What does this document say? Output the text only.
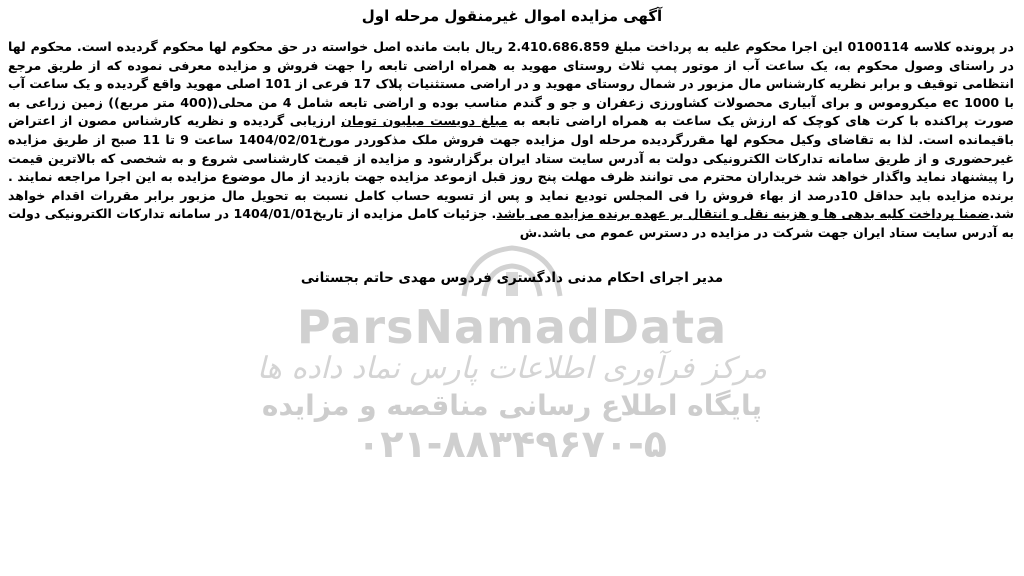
ParsNamadData
مرکز فرآوری اطلاعات پارس نماد داده ها
پایگاه اطلاع رسانی مناقصه و مزایده
۰۲۱-۸۸۳۴۹۶۷۰-۵
آگهی مزایده اموال غیرمنقول مرحله اول
در پرونده کلاسه 0100114 این اجرا محکوم علیه به پرداخت مبلغ 2.410.686.859 ریال بابت مانده اصل خواسته در حق محکوم لها محکوم گردیده است. محکوم لها در راستای وصول محکوم به، یک ساعت آب از موتور پمپ ثلاث روستای مهوید به همراه اراضی تابعه را جهت فروش و مزایده معرفی نموده که از طریق مرجع انتظامی توقیف و برابر نظریه کارشناس مال مزبور در شمال روستای مهوید و در اراضی مستثنیات پلاک 17 فرعی از 101 اصلی مهوید واقع گردیده و یک ساعت آب با ec 1000 میکروموس و برای آبیاری محصولات کشاورزی زعفران و جو و گندم مناسب بوده و اراضی تابعه شامل 4 من محلی((400 متر مربع)) زمین زراعی به صورت پراکنده با کرت های کوچک که ارزش یک ساعت به همراه اراضی تابعه به مبلغ دویست میلیون تومان ارزیابی گردیده و نظریه کارشناس مصون از اعتراض باقیمانده است. لذا به تقاضای وکیل محکوم لها مقررگردیده مرحله اول مزایده جهت فروش ملک مذکوردر مورخ1404/02/01 ساعت 9 تا 11 صبح از طریق مزایده غیرحضوری و از طریق سامانه تدارکات الکترونیکی دولت به آدرس سایت ستاد ایران برگزارشود و مزایده از قیمت کارشناسی شروع و به شخصی که بالاترین قیمت را پیشنهاد نماید واگذار خواهد شد خریداران محترم می توانند ظرف مهلت پنج روز قبل ازموعد مزایده جهت بازدید از مال موضوع مزایده به این اجرا مراجعه نمایند . برنده مزایده باید حداقل 10درصد از بهاء فروش را فی المجلس تودیع نماید و پس از تسویه حساب کامل نسبت به تحویل مال مزبور برابر مقررات اقدام خواهد شد.ضمنا پرداخت کلیه بدهی ها و هزینه نقل و انتقال بر عهده برنده مزایده می باشد. جزئیات کامل مزایده از تاریخ1404/01/01 در سامانه تدارکات الکترونیکی دولت به آدرس سایت ستاد ایران جهت شرکت در مزایده در دسترس عموم می باشد.ش
مدیر اجرای احکام مدنی دادگستری فردوس مهدی حاتم بجستانی
